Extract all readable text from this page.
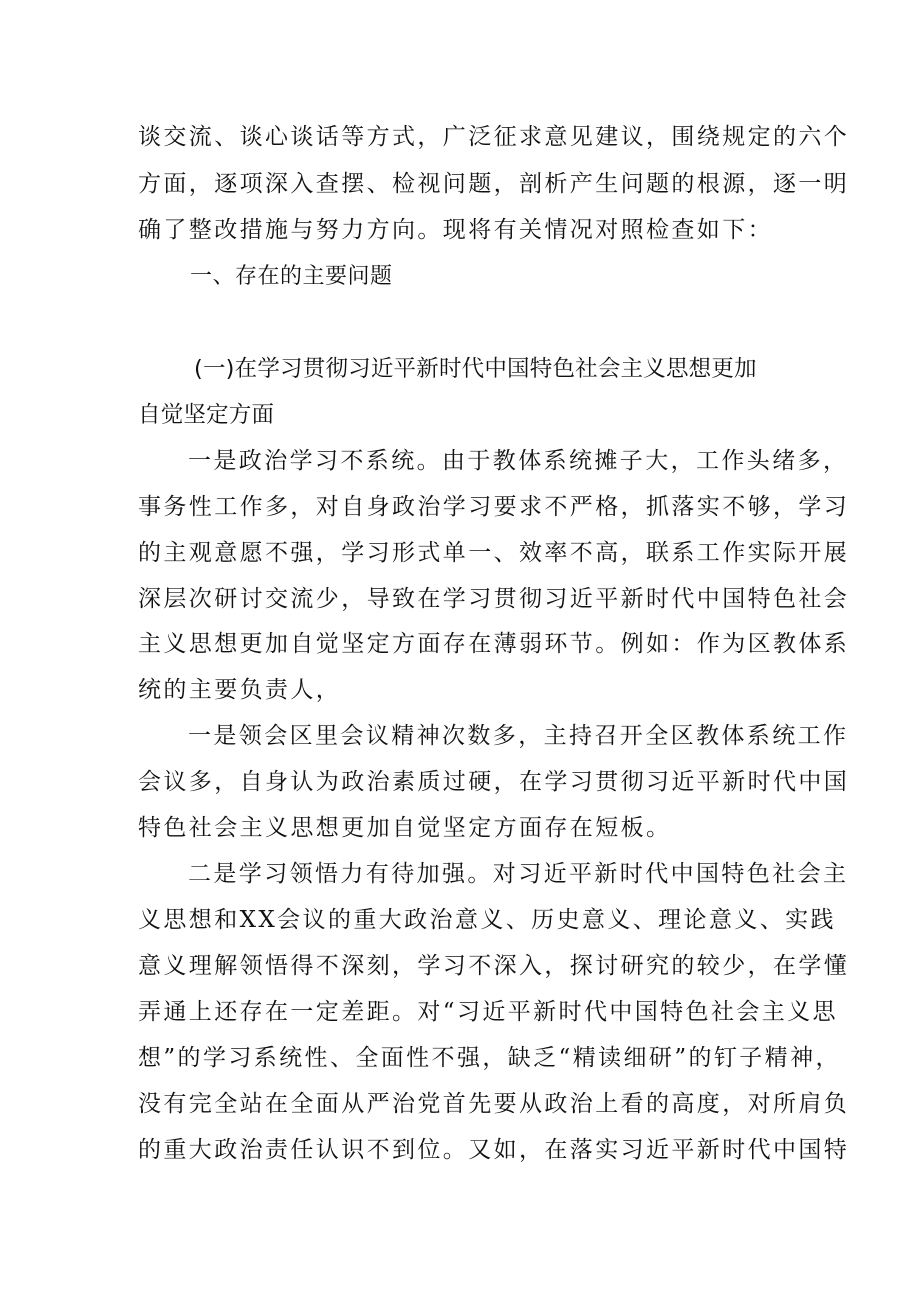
谈交流、谈心谈话等方式，广泛征求意见建议，围绕规定的六个
方面，逐项深入查摆、检视问题，剖析产生问题的根源，逐一明
确了整改措施与努力方向。现将有关情况对照检查如下：
一、存在的主要问题
(一)在学习贯彻习近平新时代中国特色社会主义思想更加
自觉坚定方面
一是政治学习不系统。由于教体系统摊子大，工作头绪多，
事务性工作多，对自身政治学习要求不严格，抓落实不够，学习
的主观意愿不强，学习形式单一、效率不高，联系工作实际开展
深层次研讨交流少，导致在学习贯彻习近平新时代中国特色社会
主义思想更加自觉坚定方面存在薄弱环节。例如：作为区教体系
统的主要负责人，
一是领会区里会议精神次数多，主持召开全区教体系统工作
会议多，自身认为政治素质过硬，在学习贯彻习近平新时代中国
特色社会主义思想更加自觉坚定方面存在短板。
二是学习领悟力有待加强。对习近平新时代中国特色社会主
义思想和XX会议的重大政治意义、历史意义、理论意义、实践
意义理解领悟得不深刻，学习不深入，探讨研究的较少，在学懂
弄通上还存在一定差距。对“习近平新时代中国特色社会主义思
想”的学习系统性、全面性不强，缺乏“精读细研”的钉子精神，
没有完全站在全面从严治党首先要从政治上看的高度，对所肩负
的重大政治责任认识不到位。又如，在落实习近平新时代中国特
